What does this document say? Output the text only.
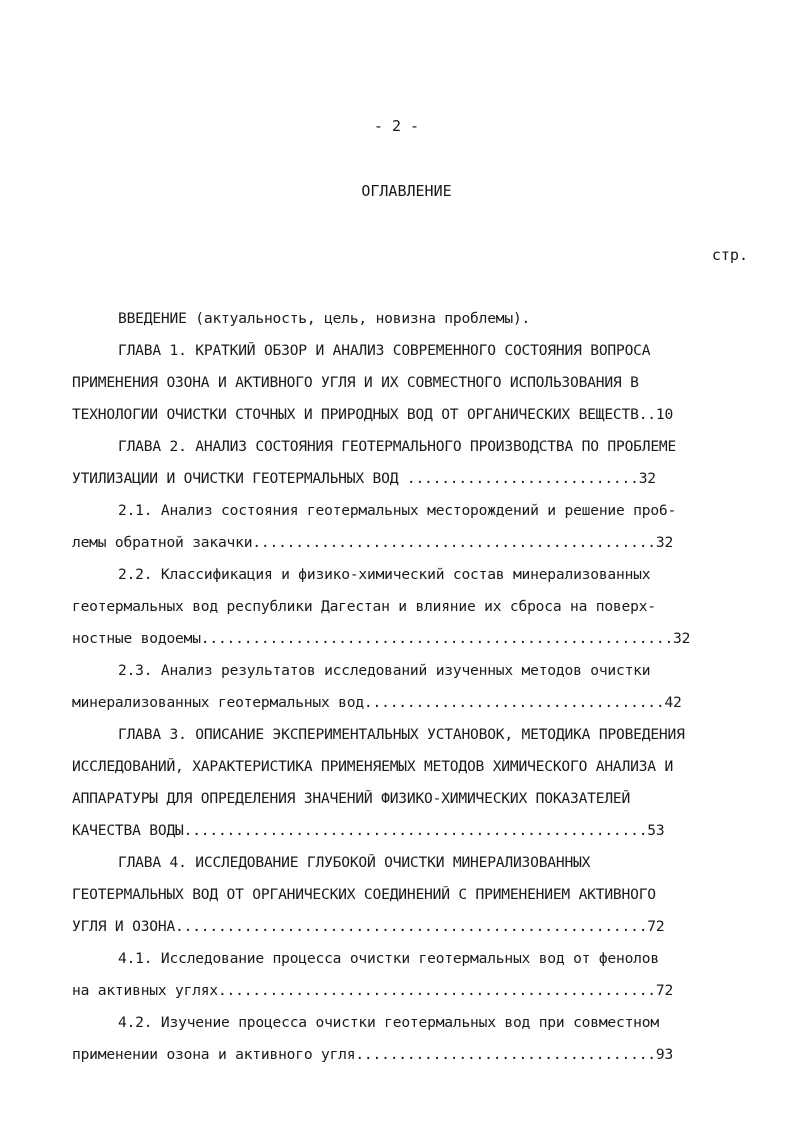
- 2 -
ОГЛАВЛЕНИЕ
стр.
ВВЕДЕНИЕ (актуальность, цель, новизна проблемы).
ГЛАВА 1. КРАТКИЙ ОБЗОР И АНАЛИЗ СОВРЕМЕННОГО СОСТОЯНИЯ ВОПРОСА
ПРИМЕНЕНИЯ ОЗОНА И АКТИВНОГО УГЛЯ И ИХ СОВМЕСТНОГО ИСПОЛЬЗОВАНИЯ В
ТЕХНОЛОГИИ ОЧИСТКИ СТОЧНЫХ И ПРИРОДНЫХ ВОД ОТ ОРГАНИЧЕСКИХ ВЕЩЕСТВ..10
ГЛАВА 2. АНАЛИЗ СОСТОЯНИЯ ГЕОТЕРМАЛЬНОГО ПРОИЗВОДСТВА ПО ПРОБЛЕМЕ
УТИЛИЗАЦИИ И ОЧИСТКИ ГЕОТЕРМАЛЬНЫХ ВОД ...........................32
2.1. Анализ состояния геотермальных месторождений и решение про6-
лемы обратной закачки...............................................32
2.2. Классификация и физико-химический состав минерализованных
геотермальных вод республики Дагестан и влияние их сброса на поверх-
ностные водоемы.......................................................32
2.3. Анализ результатов исследований изученных методов очистки
минерализованных геотермальных вод...................................42
ГЛАВА 3. ОПИСАНИЕ ЭКСПЕРИМЕНТАЛЬНЫХ УСТАНОВОК, МЕТОДИКА ПРОВЕДЕНИЯ
ИССЛЕДОВАНИЙ, ХАРАКТЕРИСТИКА ПРИМЕНЯЕМЫХ МЕТОДОВ ХИМИЧЕСКОГО АНАЛИЗА И
АППАРАТУРЫ ДЛЯ ОПРЕДЕЛЕНИЯ ЗНАЧЕНИЙ ФИЗИКО-ХИМИЧЕСКИХ ПОКАЗАТЕЛЕЙ
КАЧЕСТВА ВОДЫ......................................................53
ГЛАВА 4. ИССЛЕДОВАНИЕ ГЛУБОКОЙ ОЧИСТКИ МИНЕРАЛИЗОВАННЫХ
ГЕОТЕРМАЛЬНЫХ ВОД ОТ ОРГАНИЧЕСКИХ СОЕДИНЕНИЙ С ПРИМЕНЕНИЕМ АКТИВНОГО
УГЛЯ И ОЗОНА.......................................................72
4.1. Исследование процесса очистки геотермальных вод от фенолов
на активных углях...................................................72
4.2. Изучение процесса очистки геотермальных вод при совместном
применении озона и активного угля...................................93
